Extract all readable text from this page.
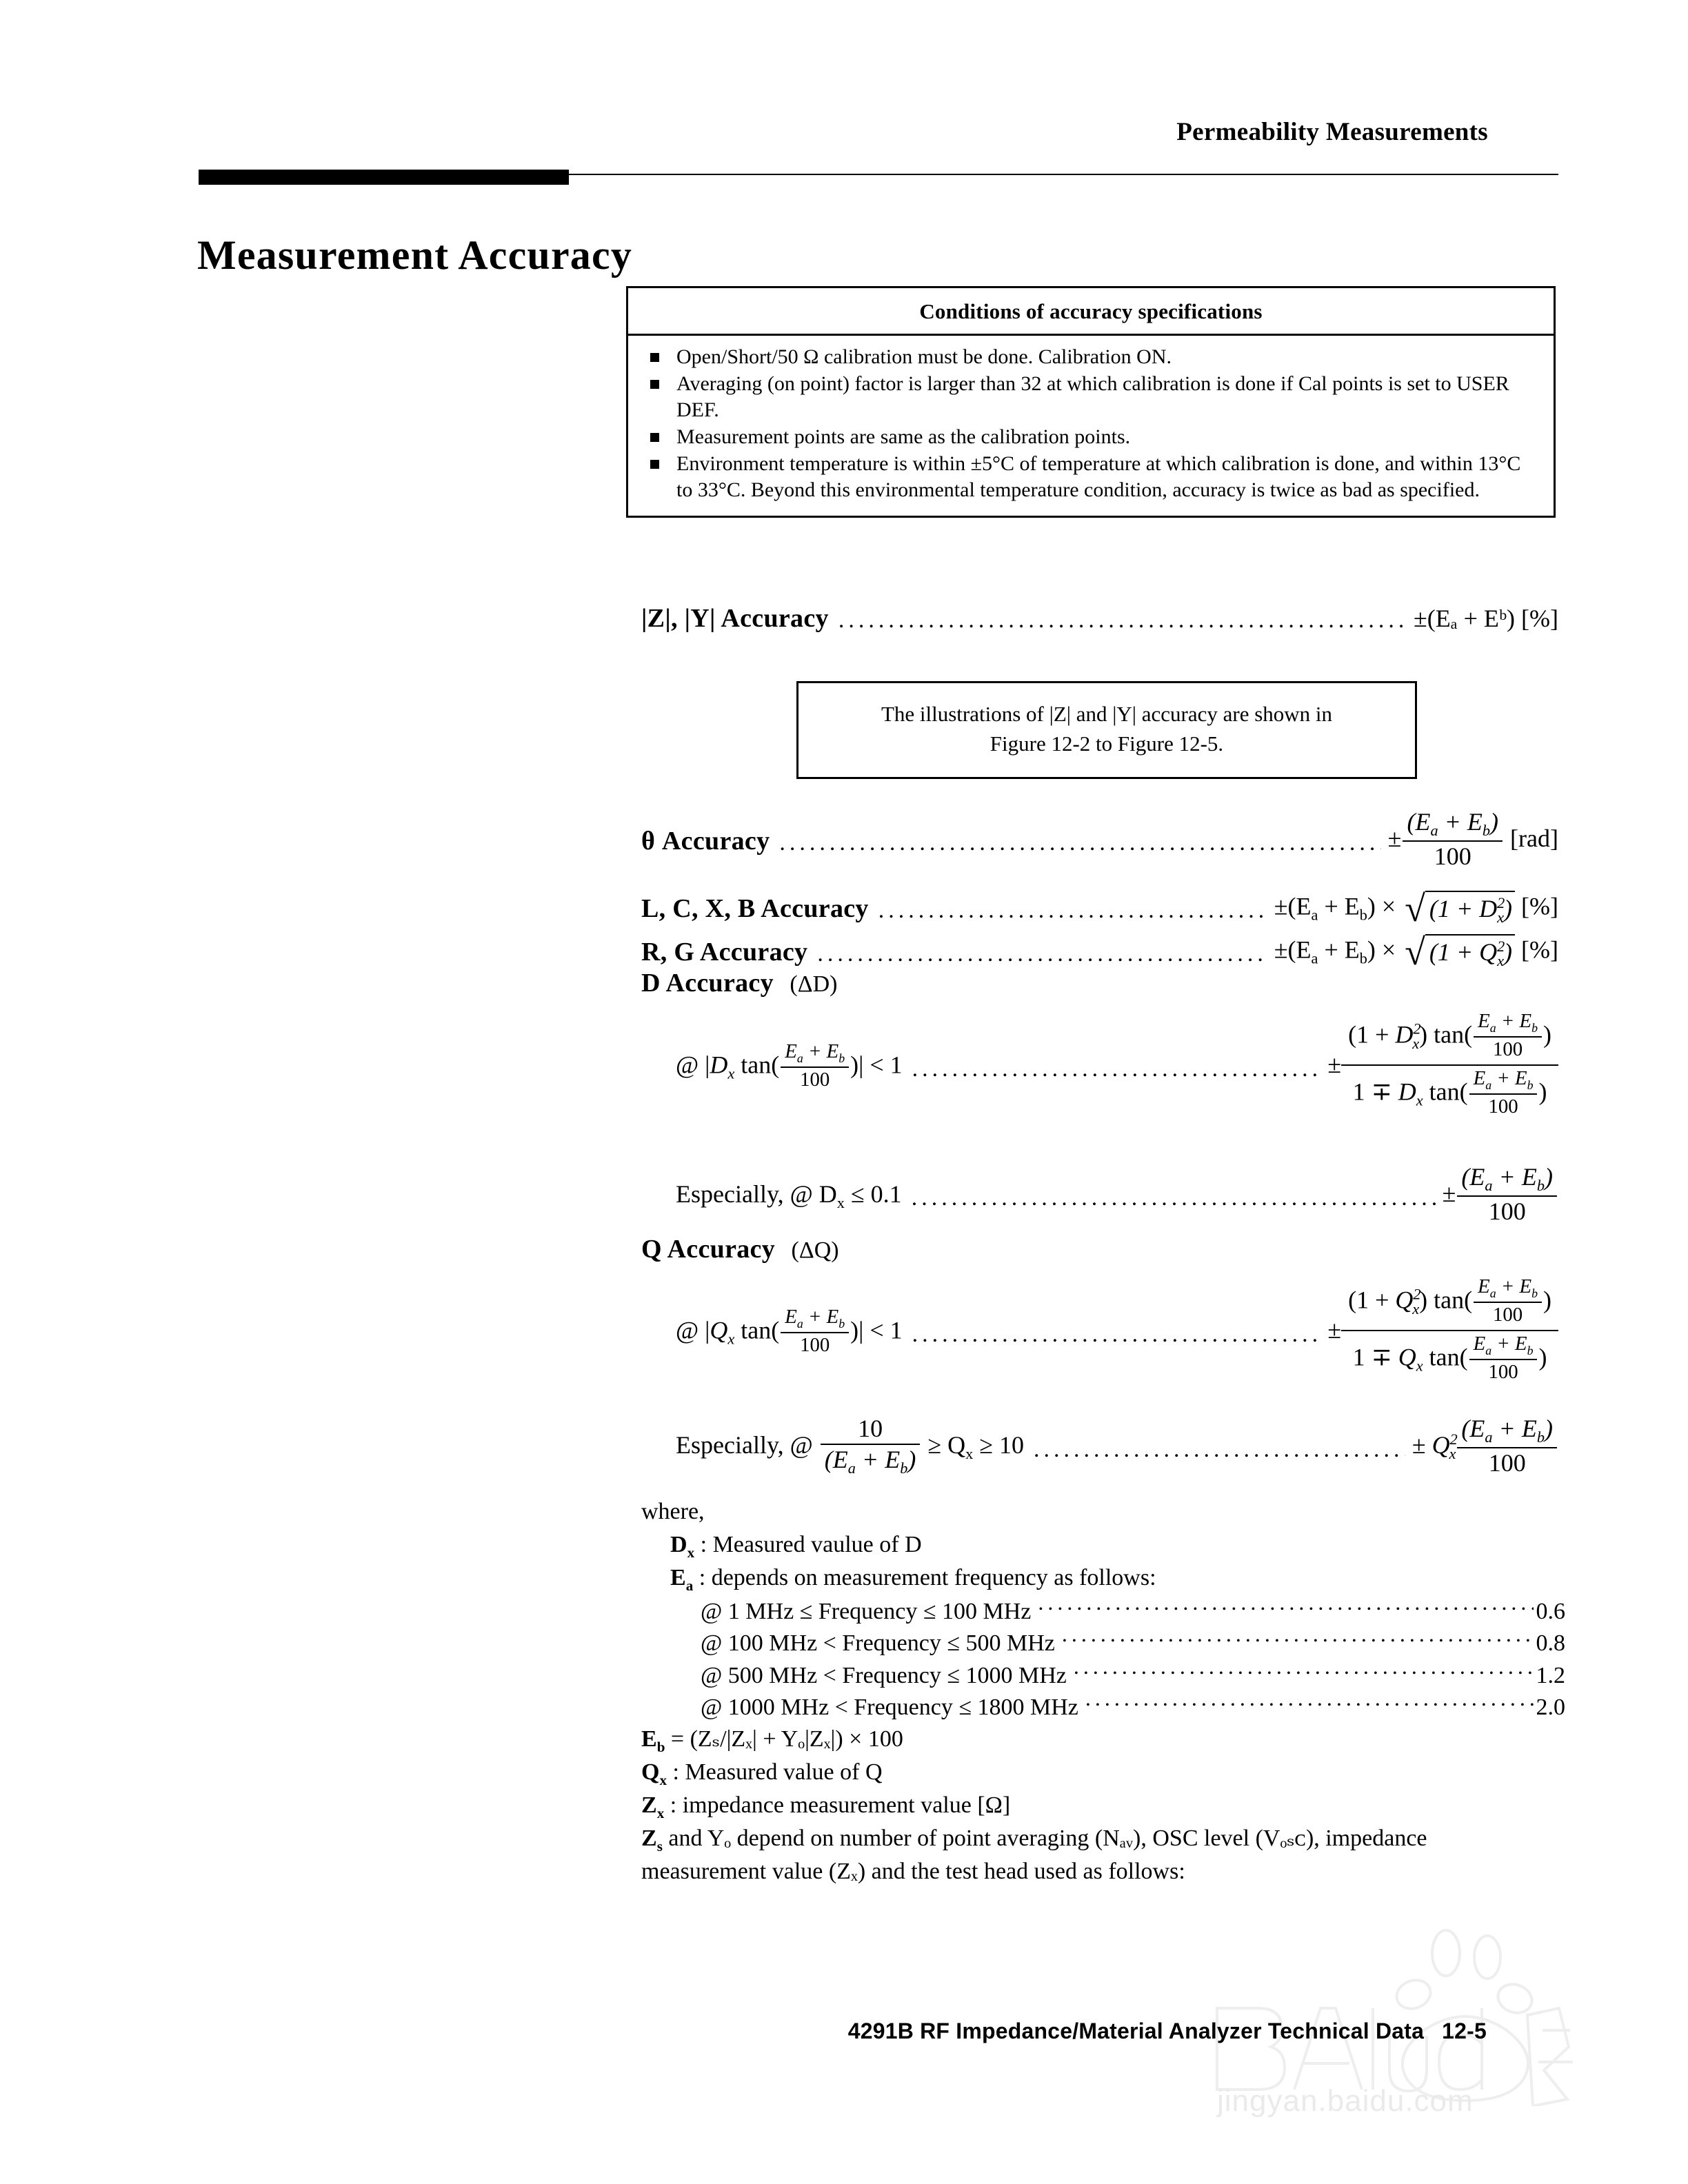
Permeability Measurements
Measurement Accuracy
Conditions of accuracy specifications
Open/Short/50 Ω calibration must be done. Calibration ON.
Averaging (on point) factor is larger than 32 at which calibration is done if Cal points is set to USER DEF.
Measurement points are same as the calibration points.
Environment temperature is within ±5°C of temperature at which calibration is done, and within 13°C to 33°C. Beyond this environmental temperature condition, accuracy is twice as bad as specified.
|Z|, |Y| Accuracy .....	±(Eₐ + Eᵇ) [%]
The illustrations of |Z| and |Y| accuracy are shown in
Figure 12-2 to Figure 12-5.
θ Accuracy .....	± $\frac{(E_a + E_b)}{100} [rad]$
L, C, X, B Accuracy .....	$\pm(E_a + E_b)$ × √ $(1 + D^2_x)$ [%]
R, G Accuracy .....	$\pm(E_a + E_b)$ × √ $(1 + Q^2_x)$ [%]
D Accuracy (ΔD)
@ $|D_x$ $\tan( \frac{E_a + E_b}{100}$ )| < 1 .....	± $\frac{(1 + D^2_x) \tan( \frac{E_a + E_b}{100} )}{1 \mp D_x \tan( \frac{E_a + E_b}{100} )}$
Especially, @ $D_x \le 0.1$ .....	± $\frac{(E_a + E_b)}{100}$
Q Accuracy (ΔQ)
@ $|Q_x$ $\tan( \frac{E_a + E_b}{100}$ )| < 1 .....	± $\frac{(1 + Q^2_x) \tan( \frac{E_a + E_b}{100} )}{1 \mp Q_x \tan( \frac{E_a + E_b}{100} )}$
Especially, @ $\frac{10}{(E_a + E_b)} \ge Q_x \ge 10$ .....	± $Q^2_x \frac{(E_a + E_b)}{100}$
where,
$D_x$ : Measured vaulue of D
$E_a$ : depends on measurement frequency as follows:
@ 1 MHz ≤ Frequency ≤ 100 MHz .....	0.6
@ 100 MHz < Frequency ≤ 500 MHz .....	0.8
@ 500 MHz < Frequency ≤ 1000 MHz .....	1.2
@ 1000 MHz < Frequency ≤ 1800 MHz .....	2.0
$E_b = (Z_s/|Z_x| + Y_o|Z_x|) \times 100$
$Q_x$ : Measured value of Q
$Z_x$ : impedance measurement value [Ω]
$Z_s$ and Yₒ depend on number of point averaging (Nₐᵥ), OSC level (Vₒₛᴄ), impedance measurement value (Zₓ) and the test head used as follows:
jingyan.baidu.com
4291B RF Impedance/Material Analyzer Technical Data 12-5
